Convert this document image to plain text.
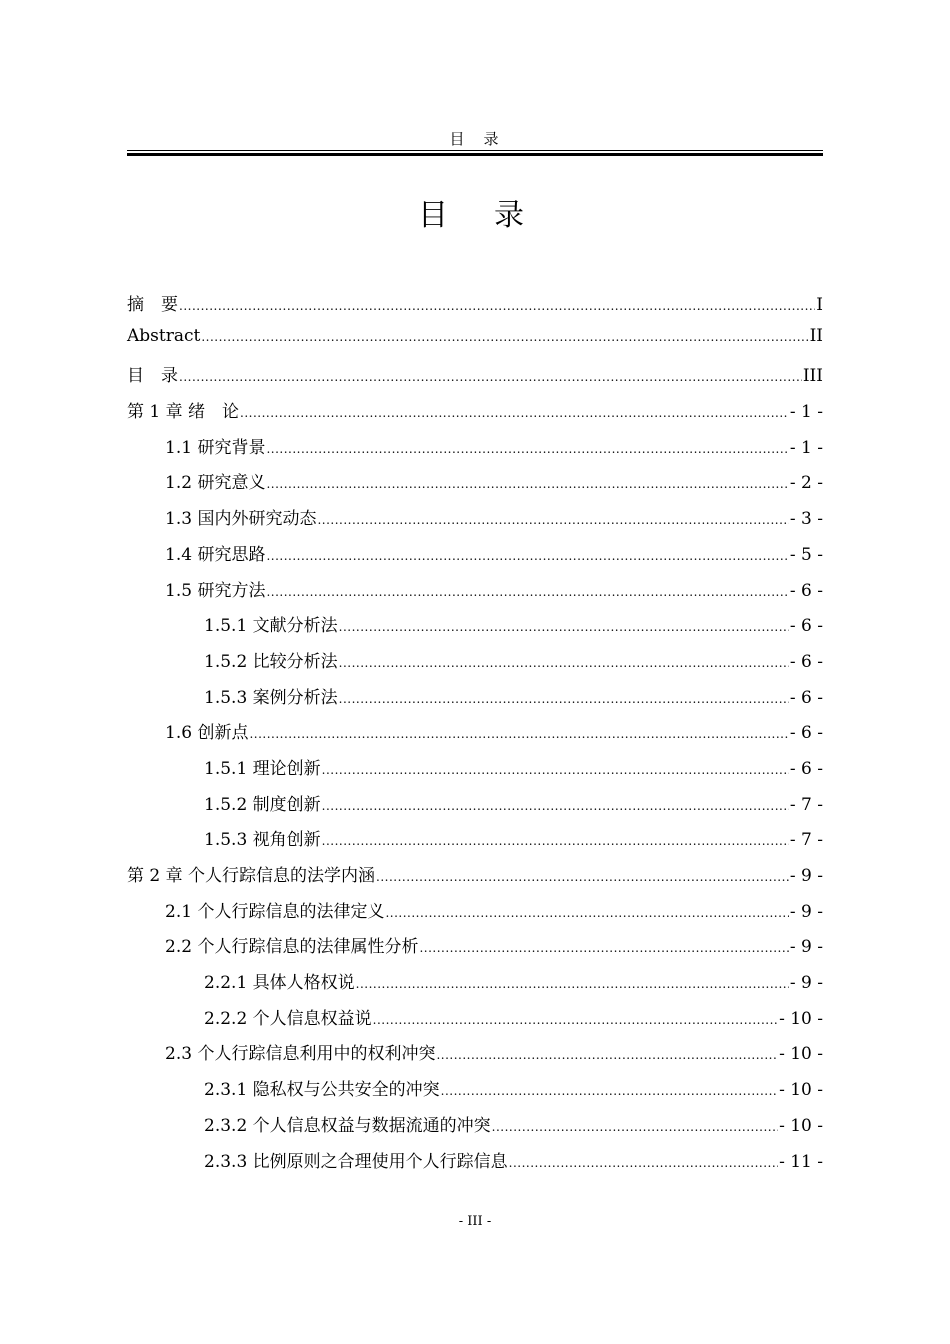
目　录
目　录
摘　要 .....	I
Abstract .....	II
目　录 .....	III
第 1 章 绪　论 .....	- 1 -
1.1 研究背景 .....	- 1 -
1.2 研究意义 .....	- 2 -
1.3 国内外研究动态 .....	- 3 -
1.4 研究思路 .....	- 5 -
1.5 研究方法 .....	- 6 -
1.5.1 文献分析法 .....	- 6 -
1.5.2 比较分析法 .....	- 6 -
1.5.3 案例分析法 .....	- 6 -
1.6 创新点 .....	- 6 -
1.5.1 理论创新 .....	- 6 -
1.5.2 制度创新 .....	- 7 -
1.5.3 视角创新 .....	- 7 -
第 2 章 个人行踪信息的法学内涵 .....	- 9 -
2.1 个人行踪信息的法律定义 .....	- 9 -
2.2 个人行踪信息的法律属性分析 .....	- 9 -
2.2.1 具体人格权说 .....	- 9 -
2.2.2 个人信息权益说 .....	- 10 -
2.3 个人行踪信息利用中的权利冲突 .....	- 10 -
2.3.1 隐私权与公共安全的冲突 .....	- 10 -
2.3.2 个人信息权益与数据流通的冲突 .....	- 10 -
2.3.3 比例原则之合理使用个人行踪信息 .....	- 11 -
- III -
